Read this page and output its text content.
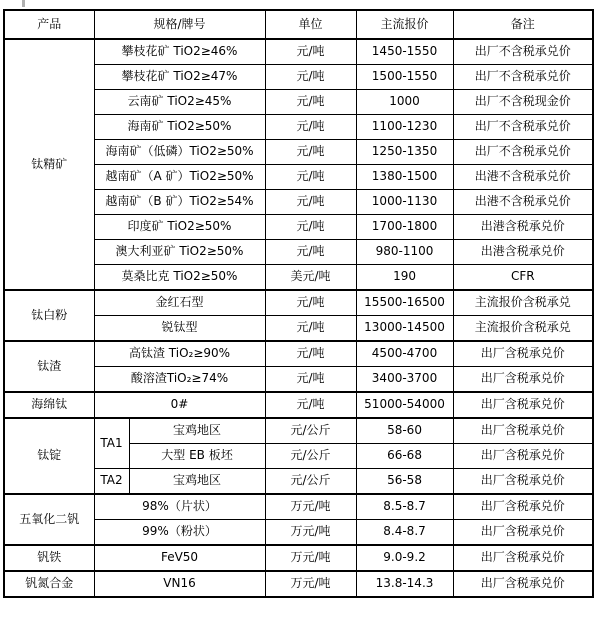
产品	规格/牌号		单位	主流报价	备注
钛精矿	攀枝花矿 TiO2≥46%		元/吨	1450-1550	出厂不含税承兑价
	攀枝花矿 TiO2≥47%		元/吨	1500-1550	出厂不含税承兑价
	云南矿 TiO2≥45%		元/吨	1000	出厂不含税现金价
	海南矿 TiO2≥50%		元/吨	1100-1230	出厂不含税承兑价
	海南矿（低磷）TiO2≥50%		元/吨	1250-1350	出厂不含税承兑价
	越南矿（A 矿）TiO2≥50%		元/吨	1380-1500	出港不含税承兑价
	越南矿（B 矿）TiO2≥54%		元/吨	1000-1130	出港不含税承兑价
	印度矿 TiO2≥50%		元/吨	1700-1800	出港含税承兑价
	澳大利亚矿 TiO2≥50%		元/吨	980-1100	出港含税承兑价
	莫桑比克 TiO2≥50%		美元/吨	190	CFR
钛白粉	金红石型		元/吨	15500-16500	主流报价含税承兑
	锐钛型		元/吨	13000-14500	主流报价含税承兑
钛渣	高钛渣 TiO₂≥90%		元/吨	4500-4700	出厂含税承兑价
	酸溶渣TiO₂≥74%		元/吨	3400-3700	出厂含税承兑价
海绵钛	0#		元/吨	51000-54000	出厂含税承兑价
钛锭	TA1	宝鸡地区	元/公斤	58-60	出厂含税承兑价
		大型 EB 板坯	元/公斤	66-68	出厂含税承兑价
	TA2	宝鸡地区	元/公斤	56-58	出厂含税承兑价
五氧化二钒	98%（片状）		万元/吨	8.5-8.7	出厂含税承兑价
	99%（粉状）		万元/吨	8.4-8.7	出厂含税承兑价
钒铁	FeV50		万元/吨	9.0-9.2	出厂含税承兑价
钒氮合金	VN16		万元/吨	13.8-14.3	出厂含税承兑价
